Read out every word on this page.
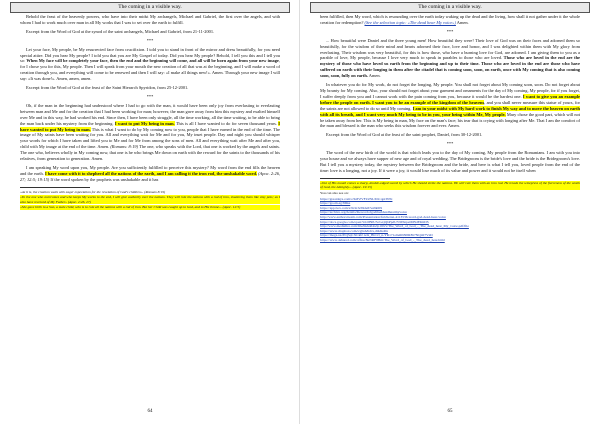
The coming in a visible way.

Behold the feast of the heavenly powers, who have into their midst My archangels, Michael and Gabriel, the first over the angels, and with whom I had to work much over man in all My works that I was to set over the earth to fulfill.

Excerpt from the Word of God at the synod of the saint archangels, Michael and Gabriel, from 21-11-2001.

***

Let your face, My people, be My resurrected face from crucifixion. I told you to stand in front of the mirror and dress beautifully, for you need special attire. Did you hear My people? I told you that you are My Gospel of today. Did you hear My people? Behold, I tell you this and I tell you so: When My face will be completely your face, then the end and the beginning will come, and all will be born again from your new image, for I chose you for this, My people. Then I will speak from your mouth the new creation of all that was at the beginning, and I will make a word of creation through you, and everything will come to be renewed and then I will say: «I make all things new!». Amen. Through your new image I will say: «It was done!». Amen, amen, amen.

Excerpt from the Word of God at the feast of the Saint Hierarch Spyridon, from 25-12-2001.

***

Oh, if the man in the beginning had understood where I had to go with the man, it would have been only joy from everlasting to everlasting between man and Me and for the creation that I had been working for man; however, the man gave away from him this mystery and exalted himself over Me and in this way, he had worked his end. Since then, I have been only struggle, all the time working, all the time waiting, to be able to bring the man back under his mystery from the beginning. I want to put My being in man. This is all I have wanted to do for seven thousand years. I have wanted to put My being in man. This is what I want to do by My coming now to you, people that I have earned in the end of the time. The image of My saints have been waiting for you. All and everything wait for Me and for you, My inset people. Day and night you should whisper your words for which I have taken and lifted you to Me and for Me from among the sons of men. All and everything wait after Me and after you, child with My image at the end of the time. Amen. (Romans: 8:19) The one, who speaks with the Lord, that one is worked by the angels and saints. The one who, believes wholly in My coming now, that one is he who brings Me down on earth with the reward for the saints to the thousands of his relatives, from generation to generation. Amen.

I am speaking My word upon you, My people. Are you sufficiently fulfilled to perceive this mystery? My word from the end fills the heaven and the earth. I have come with it to shepherd all the nations of the earth, and I am calling it the iron rod, the unshakable word. (Apoc. 2:26, 27; 12:5; 19:15) If the word spoken by the prophets was unshakable and it has

«As it is, the creation waits with eager expectation for the revelation of God's children». (Romans 8:19)

«To the one who overcomes and who keeps My works to the end, I will give authority over the nations. They will rule the nations with a rod of iron, shattering them like clay pots; as I also have received of My Father» (Apoc. 2:26, 27)

«She gave birth to a Son, a male child, who is to rule all the nations with a rod of iron. But her Child was caught up to God, and to His throne». (Apoc. 12:5)

64
The coming in a visible way.

been fulfilled, then My word, which is resounding over the earth today waking up the dead and the living, how shall it not gather under it the whole creation for redemption? (See the selection topic: «The dead hear My voice») Amen.

***

... How beautiful were Daniel and the three young men! How beautiful they were! Their love of God was on their faces and adorned them so beautifully, for the wisdom of their mind and hearts adorned their face, love and honor, and I was delighted within them with My glory from everlasting. Their wisdom was very beautiful, for this is how those, who have a burning love for God, are adorned. I am giving them to you as a parable of love, My people, because I love very much to speak in parables to those who are loved. Those who are loved in the end are the mystery of those who have loved us earth from the beginning and up to their time. Those who are loved in the end are those who have suffered on earth with their longing in them after the citadel that is coming soon, soon, on earth, once with My coming that is also coming soon, soon, fully on earth. Amen.

In whatever you do for My work, do not forget the longing, My people. You shall not forget about My coming soon, soon. Do not forget about My bounty for My coming. Also, your should not forget about your garment and ornaments for the day of My coming, My people, for if you forget, I suffer deeply from you and I cannot work with the pain coming from you, because it would be the hardest one. I want to give you an example before the people on earth. I want you to be an example of the kingdom of the heavens, and you shall never measure this statue of yours, for the saints are not allowed to do so until My coming. I am in your midst with My hard work to finish My way and to move the heaven on earth with all its breath, and I want very much My being to be in you, your being within Me, My people. Mary chose the good part, which will not be taken away from her. This is My being in man, My face on the man's face; his tear that is crying with longing after Me. That I am the comfort of the man and blessed is the man who seeks this wisdom forever and ever. Amen.

Excerpt from the Word of God at the feast of the saint prophet, Daniel, from 30-12-2001.

***

The word of the new birth of the world is that which leads you to the day of My coming, My people from the Romanians. I am with you into your house and we always have supper of new age and of royal wedding. The Bridegroom is the bride's love and the bride is the Bridegroom's love. But I tell you a mystery today, the mystery between the Bridegroom and the bride, and here is what I tell you, loved people from the end of the time: love is a longing, not a joy. If it were a joy, it would lose much of its value and power and it would not be itself when

«Out of His mouth comes a sharp, double-edged sword by which He should strike the nations. He will rule them with an iron rod. He treads the winepress of the fierceness of the wrath of God, the Almighty». (Apoc. 19:15)

You can also see on:

https://greatdays.com/c/KiFZVFZ2NLXbCqpi3NSt
https://goom.ag/8Dks
https://app.box.com/s/9v2rJeS9de67ez9kl09
https://archive.org/details/thewordofgodtheddeadhearmyvoice
http://www.authorstream.com/Presentation/fulcheran-4113536-word-god-dead-hear-voice
https://docs.google.com/open?id=0B0UScGxjQbPpdUVMSnpelMNdEKhDS
http://www.mediafire.com/file/hkhdd4wlp1l0vv/The_Word_of_God_-_The_dead_hear_My_voice.pdf/file
https://www.dropbox.com/s/gbsh/hdvs,dl4dk40a
https://mega.nz/#!Q5qCXCkb!1elx_Bbvvl_n-YR171o6e60tN0RBr7NQtO7VzD
https://www.4shared.com/office/8uNRF8Hm/The_Word_of_God_-_The_dead_hear.html
65
